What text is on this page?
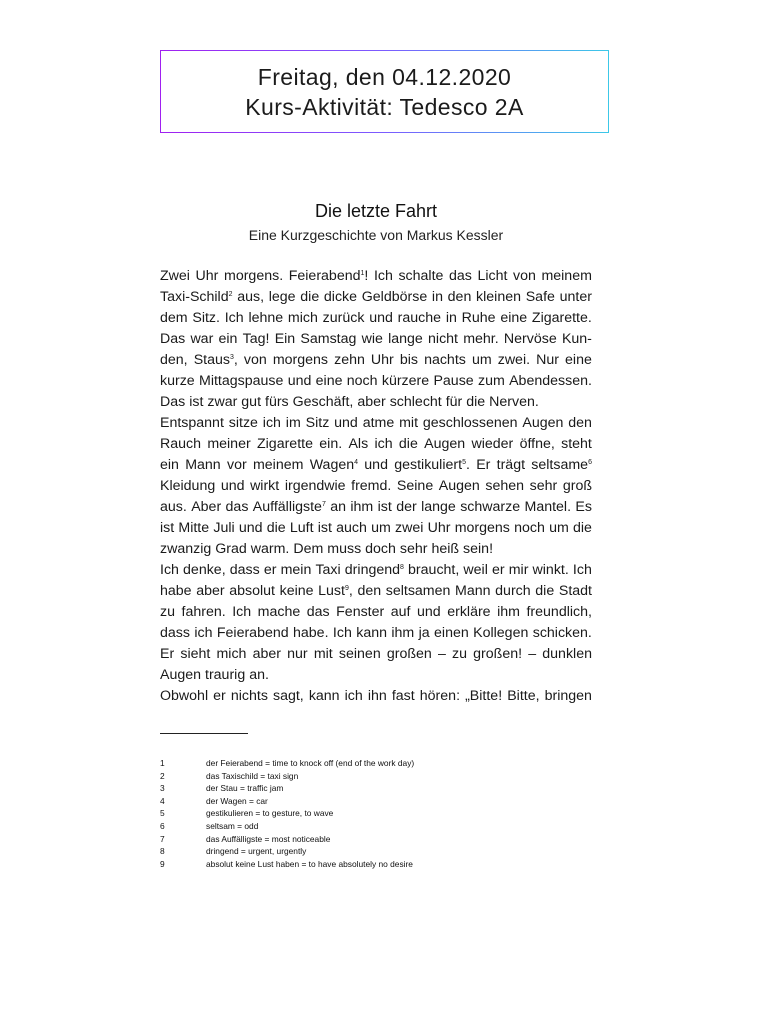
Freitag, den 04.12.2020
Kurs-Aktivität: Tedesco 2A
Die letzte Fahrt
Eine Kurzgeschichte von Markus Kessler
Zwei Uhr morgens. Feierabend$^1$! Ich schalte das Licht von meinem
Taxi-Schild$^2$ aus, lege die dicke Geldbörse in den kleinen Safe unter
dem Sitz. Ich lehne mich zurück und rauche in Ruhe eine Zigarette.
Das war ein Tag! Ein Samstag wie lange nicht mehr. Nervöse Kun-
den, Staus$^3$, von morgens zehn Uhr bis nachts um zwei. Nur eine
kurze Mittagspause und eine noch kürzere Pause zum Abendessen.
Das ist zwar gut fürs Geschäft, aber schlecht für die Nerven.
Entspannt sitze ich im Sitz und atme mit geschlossenen Augen den
Rauch meiner Zigarette ein. Als ich die Augen wieder öffne, steht
ein Mann vor meinem Wagen$^4$ und gestikuliert$^5$. Er trägt seltsame$^6$
Kleidung und wirkt irgendwie fremd. Seine Augen sehen sehr groß
aus. Aber das Auffälligste$^7$ an ihm ist der lange schwarze Mantel. Es
ist Mitte Juli und die Luft ist auch um zwei Uhr morgens noch um die
zwanzig Grad warm. Dem muss doch sehr heiß sein!
Ich denke, dass er mein Taxi dringend$^8$ braucht, weil er mir winkt. Ich
habe aber absolut keine Lust$^9$, den seltsamen Mann durch die Stadt
zu fahren. Ich mache das Fenster auf und erkläre ihm freundlich,
dass ich Feierabend habe. Ich kann ihm ja einen Kollegen schicken.
Er sieht mich aber nur mit seinen großen – zu großen! – dunklen
Augen traurig an.
Obwohl er nichts sagt, kann ich ihn fast hören: „Bitte! Bitte, bringen
1	der Feierabend = time to knock off (end of the work day)
2	das Taxischild = taxi sign
3	der Stau = traffic jam
4	der Wagen = car
5	gestikulieren = to gesture, to wave
6	seltsam = odd
7	das Auffälligste = most noticeable
8	dringend = urgent, urgently
9	absolut keine Lust haben = to have absolutely no desire
